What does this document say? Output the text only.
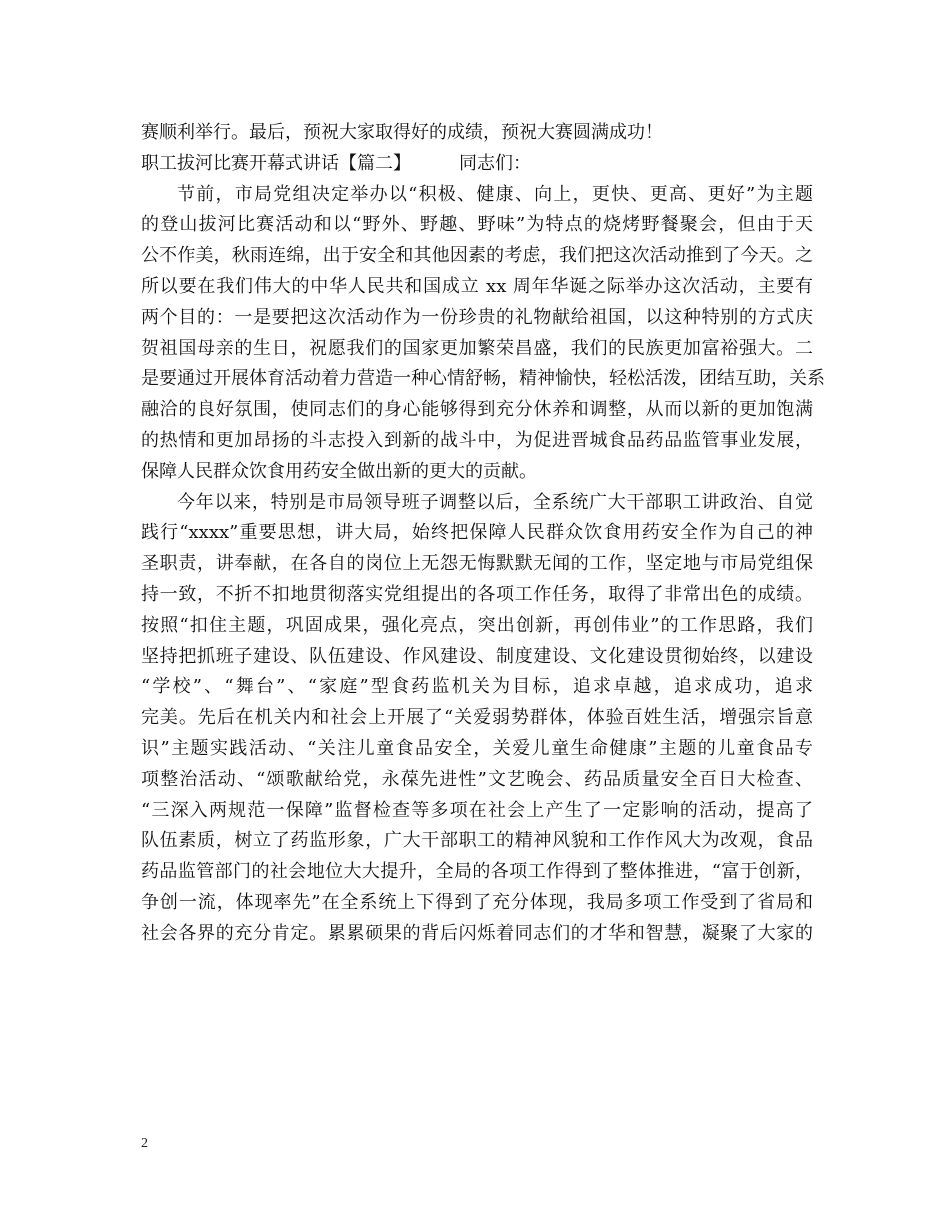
赛顺利举行。最后，预祝大家取得好的成绩，预祝大赛圆满成功！
职工拔河比赛开幕式讲话【篇二】	同志们：
节前，市局党组决定举办以“积极、健康、向上，更快、更高、更好”为主题
的登山拔河比赛活动和以“野外、野趣、野味”为特点的烧烤野餐聚会，但由于天
公不作美，秋雨连绵，出于安全和其他因素的考虑，我们把这次活动推到了今天。之
所以要在我们伟大的中华人民共和国成立 xx 周年华诞之际举办这次活动，主要有
两个目的：一是要把这次活动作为一份珍贵的礼物献给祖国，以这种特别的方式庆
贺祖国母亲的生日，祝愿我们的国家更加繁荣昌盛，我们的民族更加富裕强大。二
是要通过开展体育活动着力营造一种心情舒畅，精神愉快，轻松活泼，团结互助，关系
融洽的良好氛围，使同志们的身心能够得到充分休养和调整，从而以新的更加饱满
的热情和更加昂扬的斗志投入到新的战斗中，为促进晋城食品药品监管事业发展，
保障人民群众饮食用药安全做出新的更大的贡献。
今年以来，特别是市局领导班子调整以后，全系统广大干部职工讲政治、自觉
践行“xxxx”重要思想，讲大局，始终把保障人民群众饮食用药安全作为自己的神
圣职责，讲奉献，在各自的岗位上无怨无悔默默无闻的工作，坚定地与市局党组保
持一致，不折不扣地贯彻落实党组提出的各项工作任务，取得了非常出色的成绩。
按照“扣住主题，巩固成果，强化亮点，突出创新，再创伟业”的工作思路，我们
坚持把抓班子建设、队伍建设、作风建设、制度建设、文化建设贯彻始终，以建设
“学校”、“舞台”、“家庭”型食药监机关为目标，追求卓越，追求成功，追求
完美。先后在机关内和社会上开展了“关爱弱势群体，体验百姓生活，增强宗旨意
识”主题实践活动、“关注儿童食品安全，关爱儿童生命健康”主题的儿童食品专
项整治活动、“颂歌献给党，永葆先进性”文艺晚会、药品质量安全百日大检查、
“三深入两规范一保障”监督检查等多项在社会上产生了一定影响的活动，提高了
队伍素质，树立了药监形象，广大干部职工的精神风貌和工作作风大为改观，食品
药品监管部门的社会地位大大提升，全局的各项工作得到了整体推进，“富于创新，
争创一流，体现率先”在全系统上下得到了充分体现，我局多项工作受到了省局和
社会各界的充分肯定。累累硕果的背后闪烁着同志们的才华和智慧，凝聚了大家的
2
